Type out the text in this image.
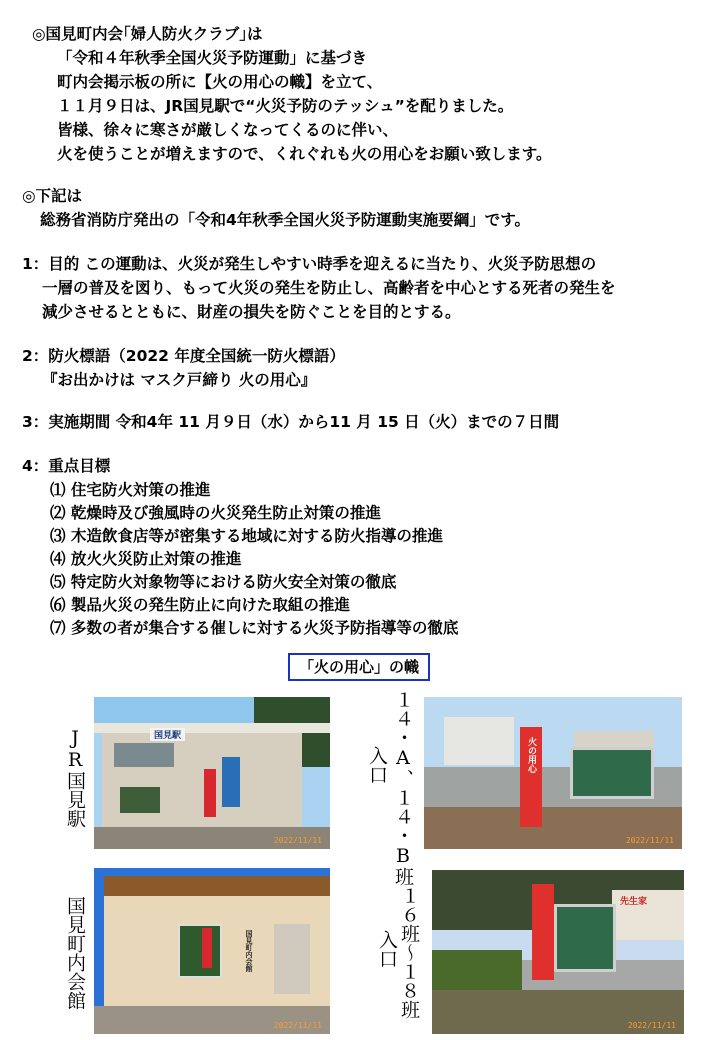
◎国見町内会｢婦人防火クラブ｣は
「令和４年秋季全国火災予防運動」に基づき
町内会掲示板の所に【火の用心の幟】を立て、
１１月９日は、JR国見駅で“火災予防のテッシュ”を配りました。
皆様、徐々に寒さが厳しくなってくるのに伴い、
火を使うことが増えますので、くれぐれも火の用心をお願い致します。
◎下記は
総務省消防庁発出の「令和4年秋季全国火災予防運動実施要綱」です。
1：目的 この運動は、火災が発生しやすい時季を迎えるに当たり、火災予防思想の
一層の普及を図り、もって火災の発生を防止し、高齢者を中心とする死者の発生を
減少させるとともに、財産の損失を防ぐことを目的とする。
2：防火標語（2022 年度全国統一防火標語）
『お出かけは マスク戸締り 火の用心』
3：実施期間 令和4年 11 月９日（水）から11 月 15 日（火）までの７日間
4：重点目標
⑴ 住宅防火対策の推進
⑵ 乾燥時及び強風時の火災発生防止対策の推進
⑶ 木造飲食店等が密集する地域に対する防火指導の推進
⑷ 放火火災防止対策の推進
⑸ 特定防火対象物等における防火安全対策の徹底
⑹ 製品火災の発生防止に向けた取組の推進
⑺ 多数の者が集合する催しに対する火災予防指導等の徹底
「火の用心」の幟
JR国見駅	国見駅
2022/11/11
入口 １４・A、１４・B班	火の用心
2022/11/11
国見町内会館	国見町内会館
2022/11/11
入口 １６班〜１８班	先生家
2022/11/11
